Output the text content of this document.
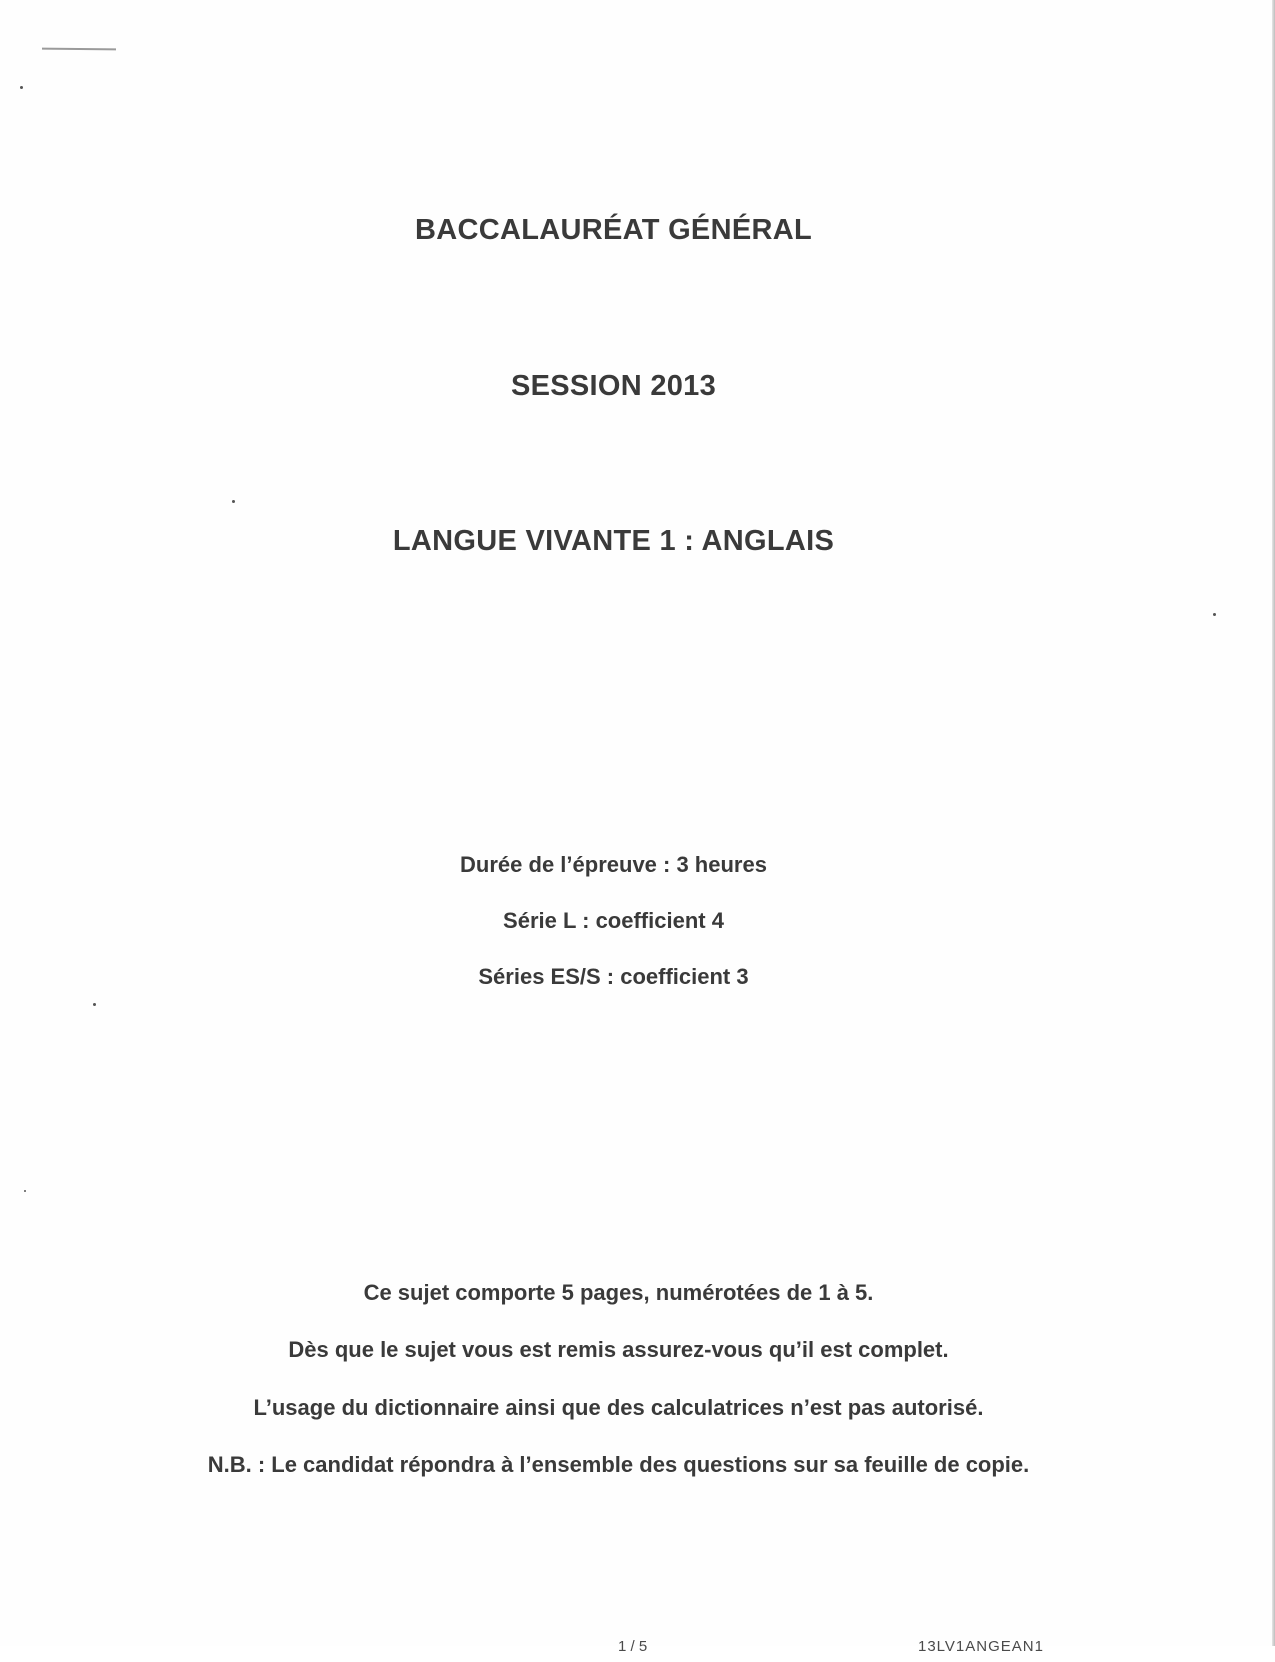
BACCALAURÉAT GÉNÉRAL
SESSION 2013
LANGUE VIVANTE 1 : ANGLAIS
Durée de l’épreuve : 3 heures
Série L : coefficient 4
Séries ES/S : coefficient 3
Ce sujet comporte 5 pages, numérotées de 1 à 5.
Dès que le sujet vous est remis assurez-vous qu’il est complet.
L’usage du dictionnaire ainsi que des calculatrices n’est pas autorisé.
N.B. : Le candidat répondra à l’ensemble des questions sur sa feuille de copie.
1 / 5	13LV1ANGEAN1
